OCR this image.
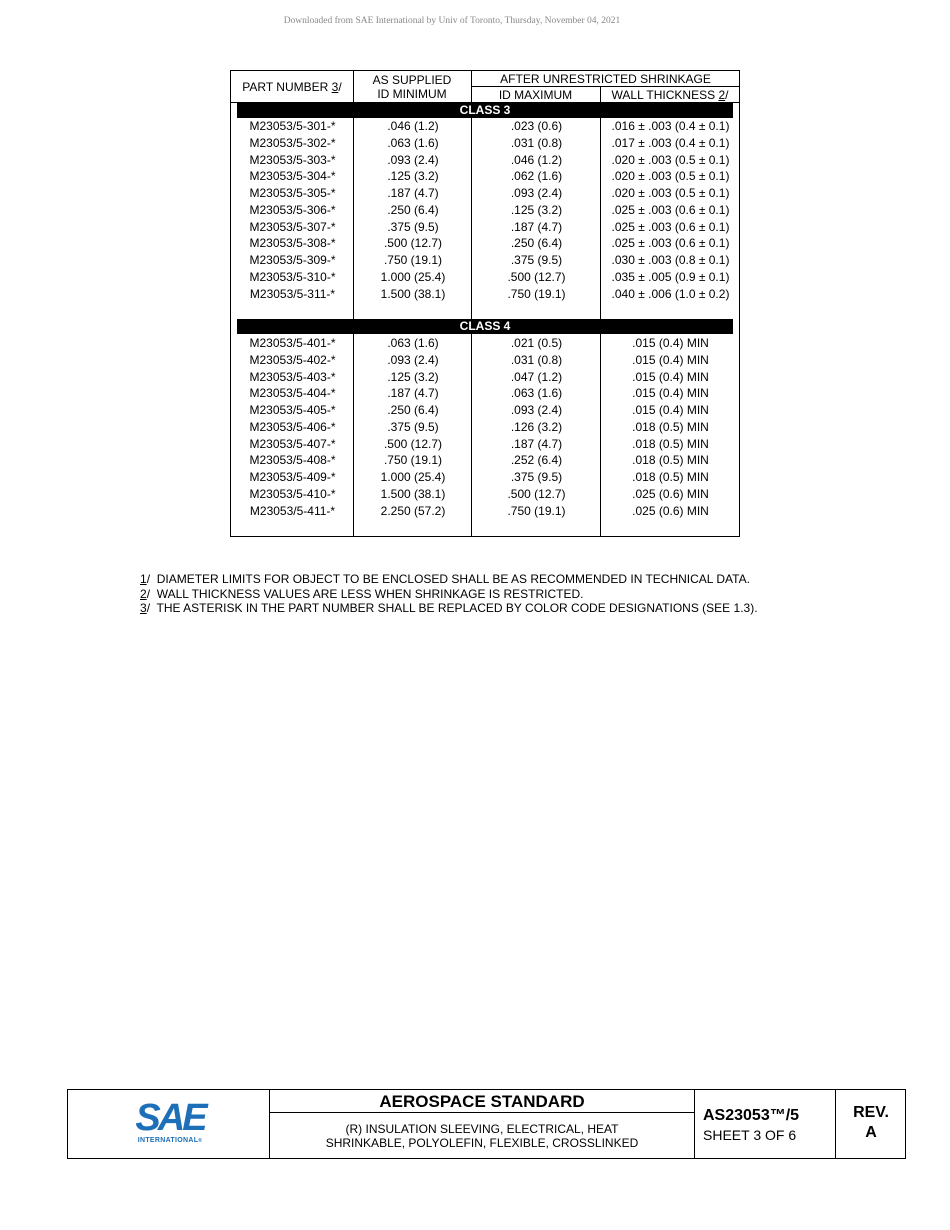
Downloaded from SAE International by Univ of Toronto, Thursday, November 04, 2021
PART NUMBER 3/	AS SUPPLIED
ID MINIMUM
AFTER UNRESTRICTED SHRINKAGE
ID MAXIMUM	WALL THICKNESS 2/
CLASS 3
M23053/5-301-*	.046 (1.2)	.023 (0.6)	.016 ± .003 (0.4 ± 0.1)
M23053/5-302-*	.063 (1.6)	.031 (0.8)	.017 ± .003 (0.4 ± 0.1)
M23053/5-303-*	.093 (2.4)	.046 (1.2)	.020 ± .003 (0.5 ± 0.1)
M23053/5-304-*	.125 (3.2)	.062 (1.6)	.020 ± .003 (0.5 ± 0.1)
M23053/5-305-*	.187 (4.7)	.093 (2.4)	.020 ± .003 (0.5 ± 0.1)
M23053/5-306-*	.250 (6.4)	.125 (3.2)	.025 ± .003 (0.6 ± 0.1)
M23053/5-307-*	.375 (9.5)	.187 (4.7)	.025 ± .003 (0.6 ± 0.1)
M23053/5-308-*	.500 (12.7)	.250 (6.4)	.025 ± .003 (0.6 ± 0.1)
M23053/5-309-*	.750 (19.1)	.375 (9.5)	.030 ± .003 (0.8 ± 0.1)
M23053/5-310-*	1.000 (25.4)	.500 (12.7)	.035 ± .005 (0.9 ± 0.1)
M23053/5-311-*	1.500 (38.1)	.750 (19.1)	.040 ± .006 (1.0 ± 0.2)
CLASS 4
M23053/5-401-*	.063 (1.6)	.021 (0.5)	.015 (0.4) MIN
M23053/5-402-*	.093 (2.4)	.031 (0.8)	.015 (0.4) MIN
M23053/5-403-*	.125 (3.2)	.047 (1.2)	.015 (0.4) MIN
M23053/5-404-*	.187 (4.7)	.063 (1.6)	.015 (0.4) MIN
M23053/5-405-*	.250 (6.4)	.093 (2.4)	.015 (0.4) MIN
M23053/5-406-*	.375 (9.5)	.126 (3.2)	.018 (0.5) MIN
M23053/5-407-*	.500 (12.7)	.187 (4.7)	.018 (0.5) MIN
M23053/5-408-*	.750 (19.1)	.252 (6.4)	.018 (0.5) MIN
M23053/5-409-*	1.000 (25.4)	.375 (9.5)	.018 (0.5) MIN
M23053/5-410-*	1.500 (38.1)	.500 (12.7)	.025 (0.6) MIN
M23053/5-411-*	2.250 (57.2)	.750 (19.1)	.025 (0.6) MIN
1/  DIAMETER LIMITS FOR OBJECT TO BE ENCLOSED SHALL BE AS RECOMMENDED IN TECHNICAL DATA.
2/  WALL THICKNESS VALUES ARE LESS WHEN SHRINKAGE IS RESTRICTED.
3/  THE ASTERISK IN THE PART NUMBER SHALL BE REPLACED BY COLOR CODE DESIGNATIONS (SEE 1.3).
SAE
INTERNATIONAL®
AEROSPACE STANDARD
(R) INSULATION SLEEVING, ELECTRICAL, HEAT
SHRINKABLE, POLYOLEFIN, FLEXIBLE, CROSSLINKED
AS23053™/5
SHEET 3 OF 6
REV.
A
